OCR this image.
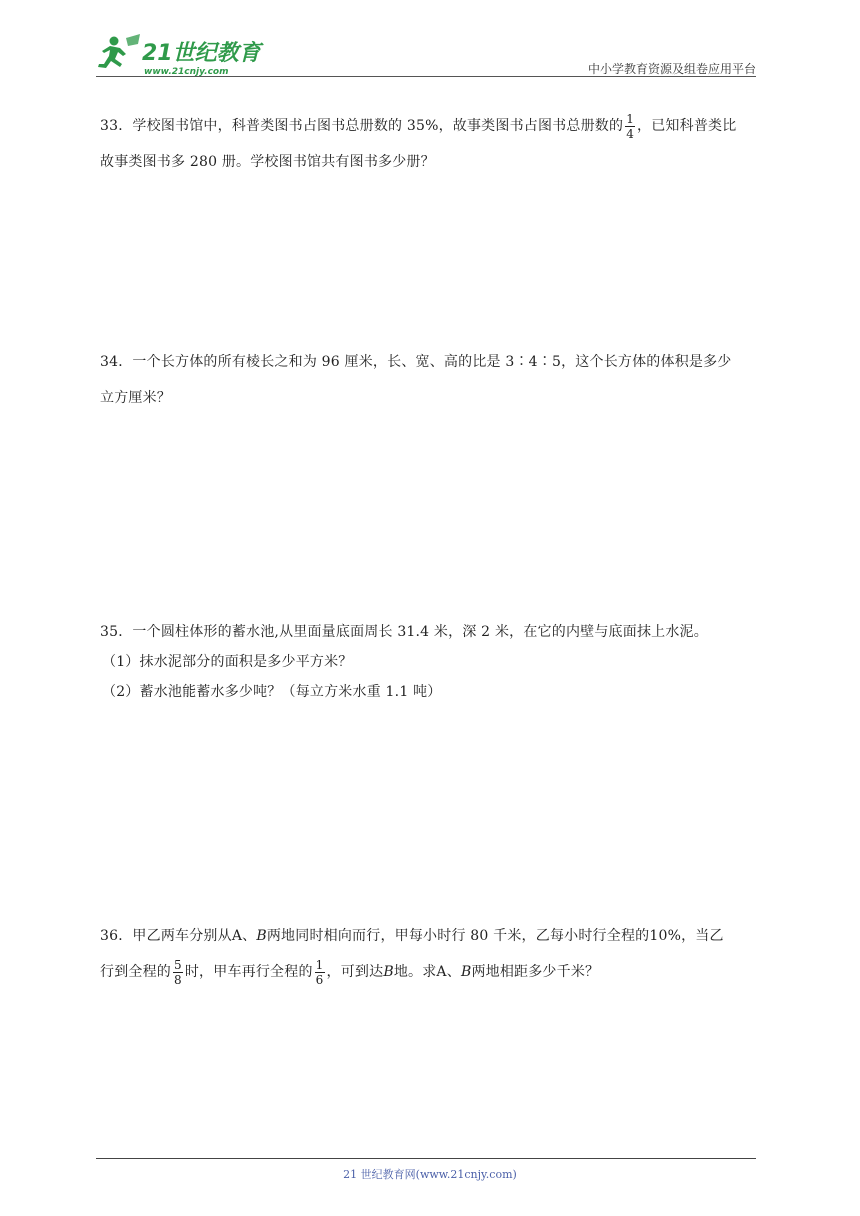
21世纪教育
www.21cnjy.com	中小学教育资源及组卷应用平台
33．学校图书馆中，科普类图书占图书总册数的 35%，故事类图书占图书总册数的 $\frac{1}{4}$ ，已知科普类比
故事类图书多 280 册。学校图书馆共有图书多少册？
34．一个长方体的所有棱长之和为 96 厘米，长、宽、高的比是 3∶4∶5，这个长方体的体积是多少
立方厘米？
35．一个圆柱体形的蓄水池,从里面量底面周长 31.4 米，深 2 米，在它的内壁与底面抹上水泥。
（1）抹水泥部分的面积是多少平方米？
（2）蓄水池能蓄水多少吨？（每立方米水重 1.1 吨）
36．甲乙两车分别从A、B两地同时相向而行，甲每小时行 80 千米，乙每小时行全程的10%，当乙
行到全程的 $\frac{5}{8}$ 时，甲车再行全程的 $\frac{1}{6}$ ，可到达B地。求A、B两地相距多少千米？
21 世纪教育网(www.21cnjy.com)
